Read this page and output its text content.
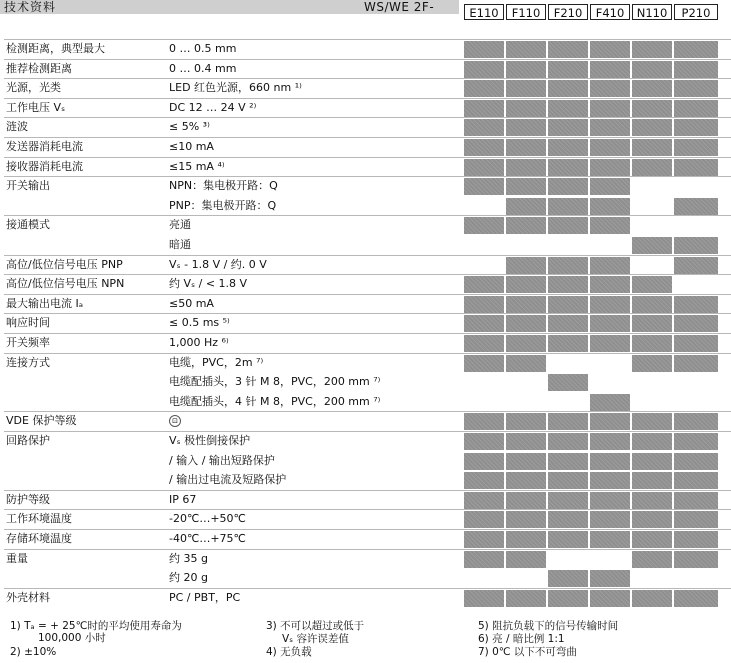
技术资料	WS/WE 2F-	E110	F110	F210	F410	N110	P210
检测距离，典型最大	0 … 0.5 mm
推荐检测距离	0 … 0.4 mm
光源，光类	LED 红色光源，660 nm ¹⁾
工作电压 Vₛ	DC 12 … 24 V ²⁾
涟波	≤ 5% ³⁾
发送器消耗电流	≤10 mA
接收器消耗电流	≤15 mA ⁴⁾
开关输出	NPN：集电极开路：Q
PNP：集电极开路：Q
接通模式	亮通
暗通
高位/低位信号电压 PNP	Vₛ - 1.8 V / 约. 0 V
高位/低位信号电压 NPN	约 Vₛ / < 1.8 V
最大输出电流 Iₐ	≤50 mA
响应时间	≤ 0.5 ms ⁵⁾
开关频率	1,000 Hz ⁶⁾
连接方式	电缆，PVC，2m ⁷⁾
电缆配插头，3 针 M 8，PVC，200 mm ⁷⁾
电缆配插头，4 针 M 8，PVC，200 mm ⁷⁾
VDE 保护等级	⊡
回路保护	Vₛ 极性倒接保护
/ 输入 / 输出短路保护
/ 输出过电流及短路保护
防护等级	IP 67
工作环境温度	-20℃…+50℃
存储环境温度	-40℃…+75℃
重量	约 35 g
约 20 g
外壳材料	PC / PBT，PC
1) Tₐ = + 25℃时的平均使用寿命为
100,000 小时
2) ±10%
3) 不可以超过或低于
Vₛ 容许误差值
4) 无负载
5) 阻抗负载下的信号传输时间
6) 亮 / 暗比例 1:1
7) 0℃ 以下不可弯曲
